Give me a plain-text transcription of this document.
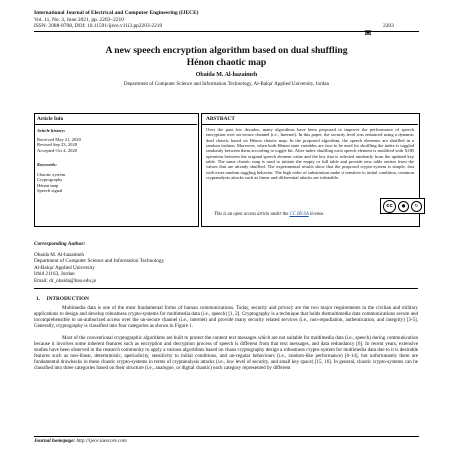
International Journal of Electrical and Computer Engineering (IJECE)
Vol. 11, No. 3, June 2021, pp. 2203~2210
ISSN: 2088-8708, DOI: 10.11591/ijece.v11i3.pp2203-2210	2203
A new speech encryption algorithm based on dual shuffling
Hénon chaotic map
Obaida M. Al-hazaimeh
Department of Computer Science and Information Technology, Al-Balqa' Applied University, Jordan
Article Info	ABSTRACT
Article history:
Received May 21, 2020
Revised Sep 23, 2020
Accepted Oct 4, 2020
Keywords:
Chaotic system
Cryptography
Hénon map
Speech signal
Over the past few decades, many algorithms have been proposed to improve the performance of speech encryption over un-secure channel (i.e., Internet). In this paper, the security level was enhanced using a dynamic dual chaotic based on Hénon chaotic map. In the proposed algorithm, the speech elements are shuffled in a random fashion. Moreover, when both Hénon state variables are face to be used for shuffling the index is toggled randomly between them according to toggle bit. After index shuffling each speech element is modified with XOR operation between the original speech element value and the key that is selected randomly from the updated key table. The same chaotic map is used to initiate the empty or full table and provide new table entries from the values that are already shuffled. The experimental results show that the proposed crypto-system is simple, fast with extra random toggling behavior. The high order of substitution make it sensitive to initial condition, common cryptanalysis attacks such as linear and differential attacks are infeasible.
This is an open access article under the CC BY-SA license.
cc	●	↻
Corresponding Author:
Obaida M. Al-hazaimeh
Department of Computer Science and Information Technology
Al-Balqa' Applied University
Irbid 21163, Jordan
Email: dr_obaida@bau.edu.jo
1.     INTRODUCTION
Multimedia data is one of the most fundamental forms of human communications. Today, security and privacy are the two major requirements in the civilian and military applications to design and develop robustness crypto-systems for multimedia data (i.e., speech) [1, 2]. Cryptography is a technique that holds themultimedia data communications secure and incomprehensible to un-authorized access over the un-secure channel (i.e., internet) and provide many security related services (i.e., non-repudiation, authentication, and integrity) [3-5]. Generally, cryptography is classified into four categories as shown in Figure 1.
Most of the conventional cryptographic algorithms are built to protect the content text messages which are not suitable for multimedia data (i.e., speech) during communication because it involves some inherent features such as encryption and decryption process of speech is different from that text messages, and data redundancy [6]. In recent years, extensive studies have been observed in the research community to apply a various algorithms based on chaos cryptography design a robustness crypto-system for multimedia data due to it is desirable features such as non-linear, deterministic, aperiodicity, sensitivity to initial conditions, and un-regular behaviours (i.e., random-like performance) [6-14], but unfortunately there are fundamental drawbacks in these chaotic crypto-systems in terms of cryptanalysis attacks (i.e., low level of security, and small key space) [15, 16]. In general, chaotic crypto-systems can be classified into three categories based on their structure (i.e., analogue, or digital chaotic) each category represented by different
Journal homepage: http://ijece.iaescore.com
